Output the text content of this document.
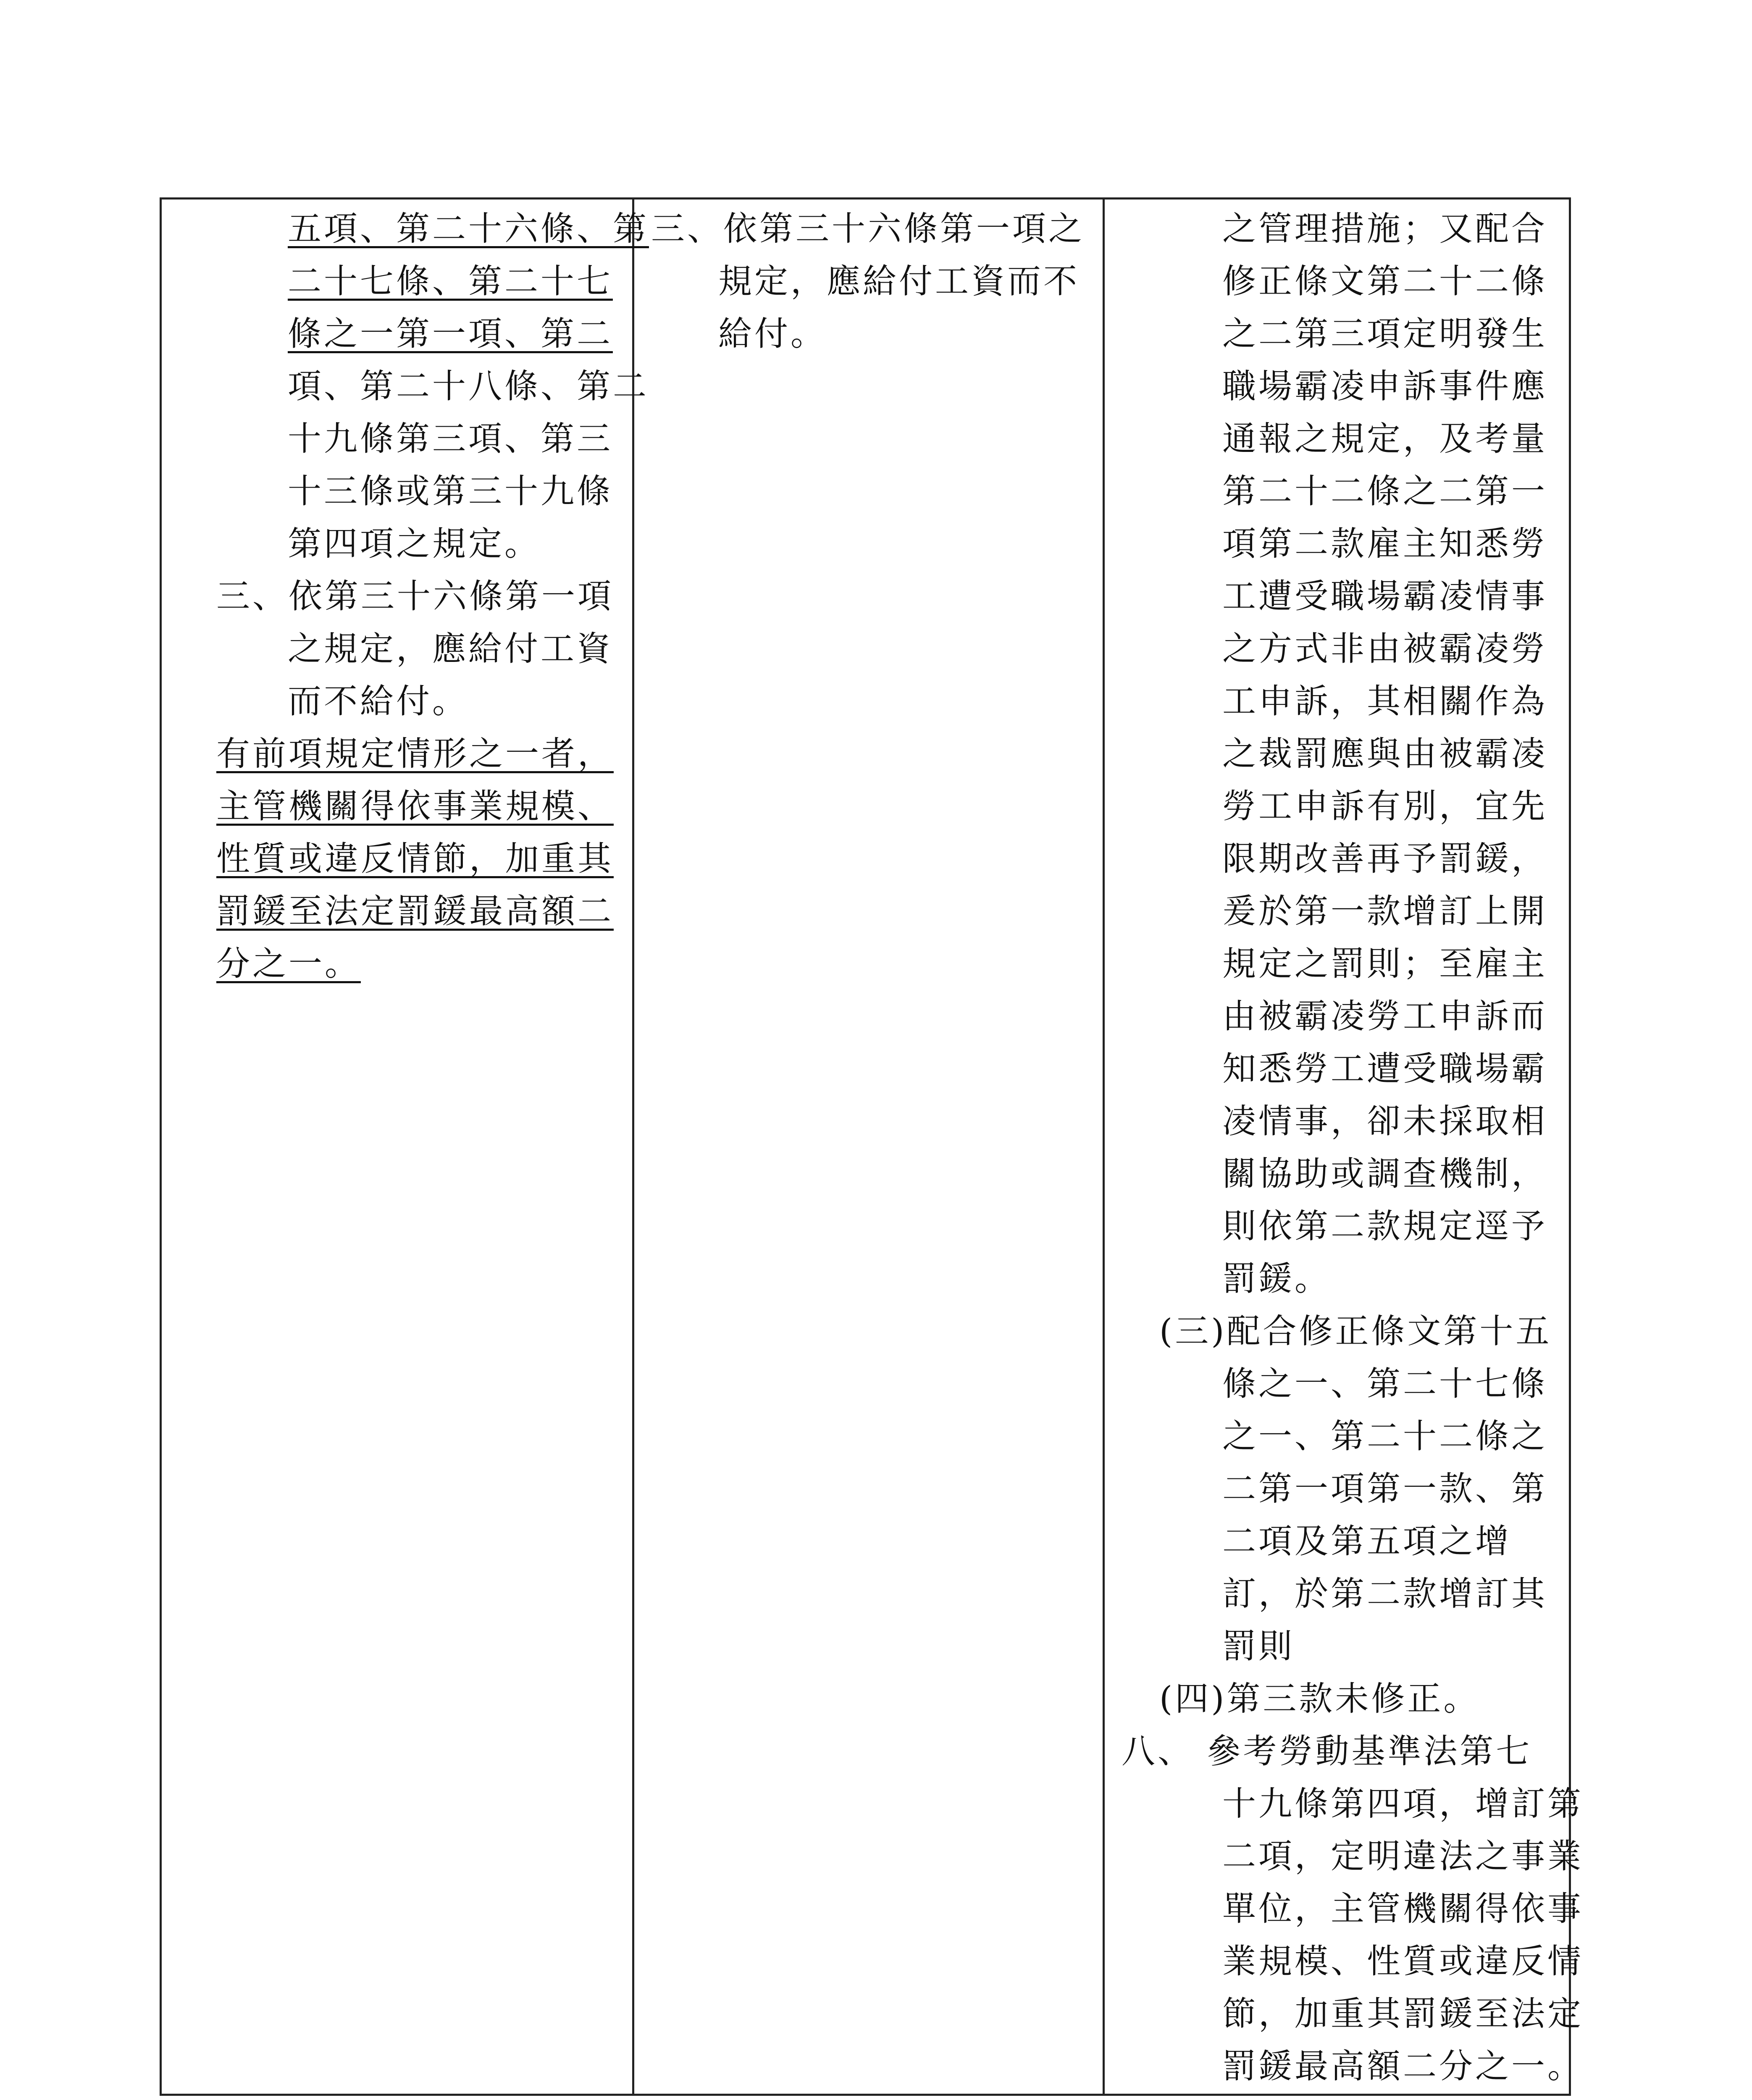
五項、第二十六條、第
二十七條、第二十七
條之一第一項、第二
項、第二十八條、第二
十九條第三項、第三
十三條或第三十九條
第四項之規定。
三、依第三十六條第一項
之規定，應給付工資
而不給付。
有前項規定情形之一者，
主管機關得依事業規模、
性質或違反情節，加重其
罰鍰至法定罰鍰最高額二
分之一。
三、依第三十六條第一項之
規定，應給付工資而不
給付。
之管理措施；又配合
修正條文第二十二條
之二第三項定明發生
職場霸凌申訴事件應
通報之規定，及考量
第二十二條之二第一
項第二款雇主知悉勞
工遭受職場霸凌情事
之方式非由被霸凌勞
工申訴，其相關作為
之裁罰應與由被霸凌
勞工申訴有別，宜先
限期改善再予罰鍰，
爰於第一款增訂上開
規定之罰則；至雇主
由被霸凌勞工申訴而
知悉勞工遭受職場霸
凌情事，卻未採取相
關協助或調查機制，
則依第二款規定逕予
罰鍰。
(三)配合修正條文第十五
條之一、第二十七條
之一、第二十二條之
二第一項第一款、第
二項及第五項之增
訂，於第二款增訂其
罰則
(四)第三款未修正。
八、 參考勞動基準法第七
十九條第四項，增訂第
二項，定明違法之事業
單位，主管機關得依事
業規模、性質或違反情
節，加重其罰鍰至法定
罰鍰最高額二分之一。
